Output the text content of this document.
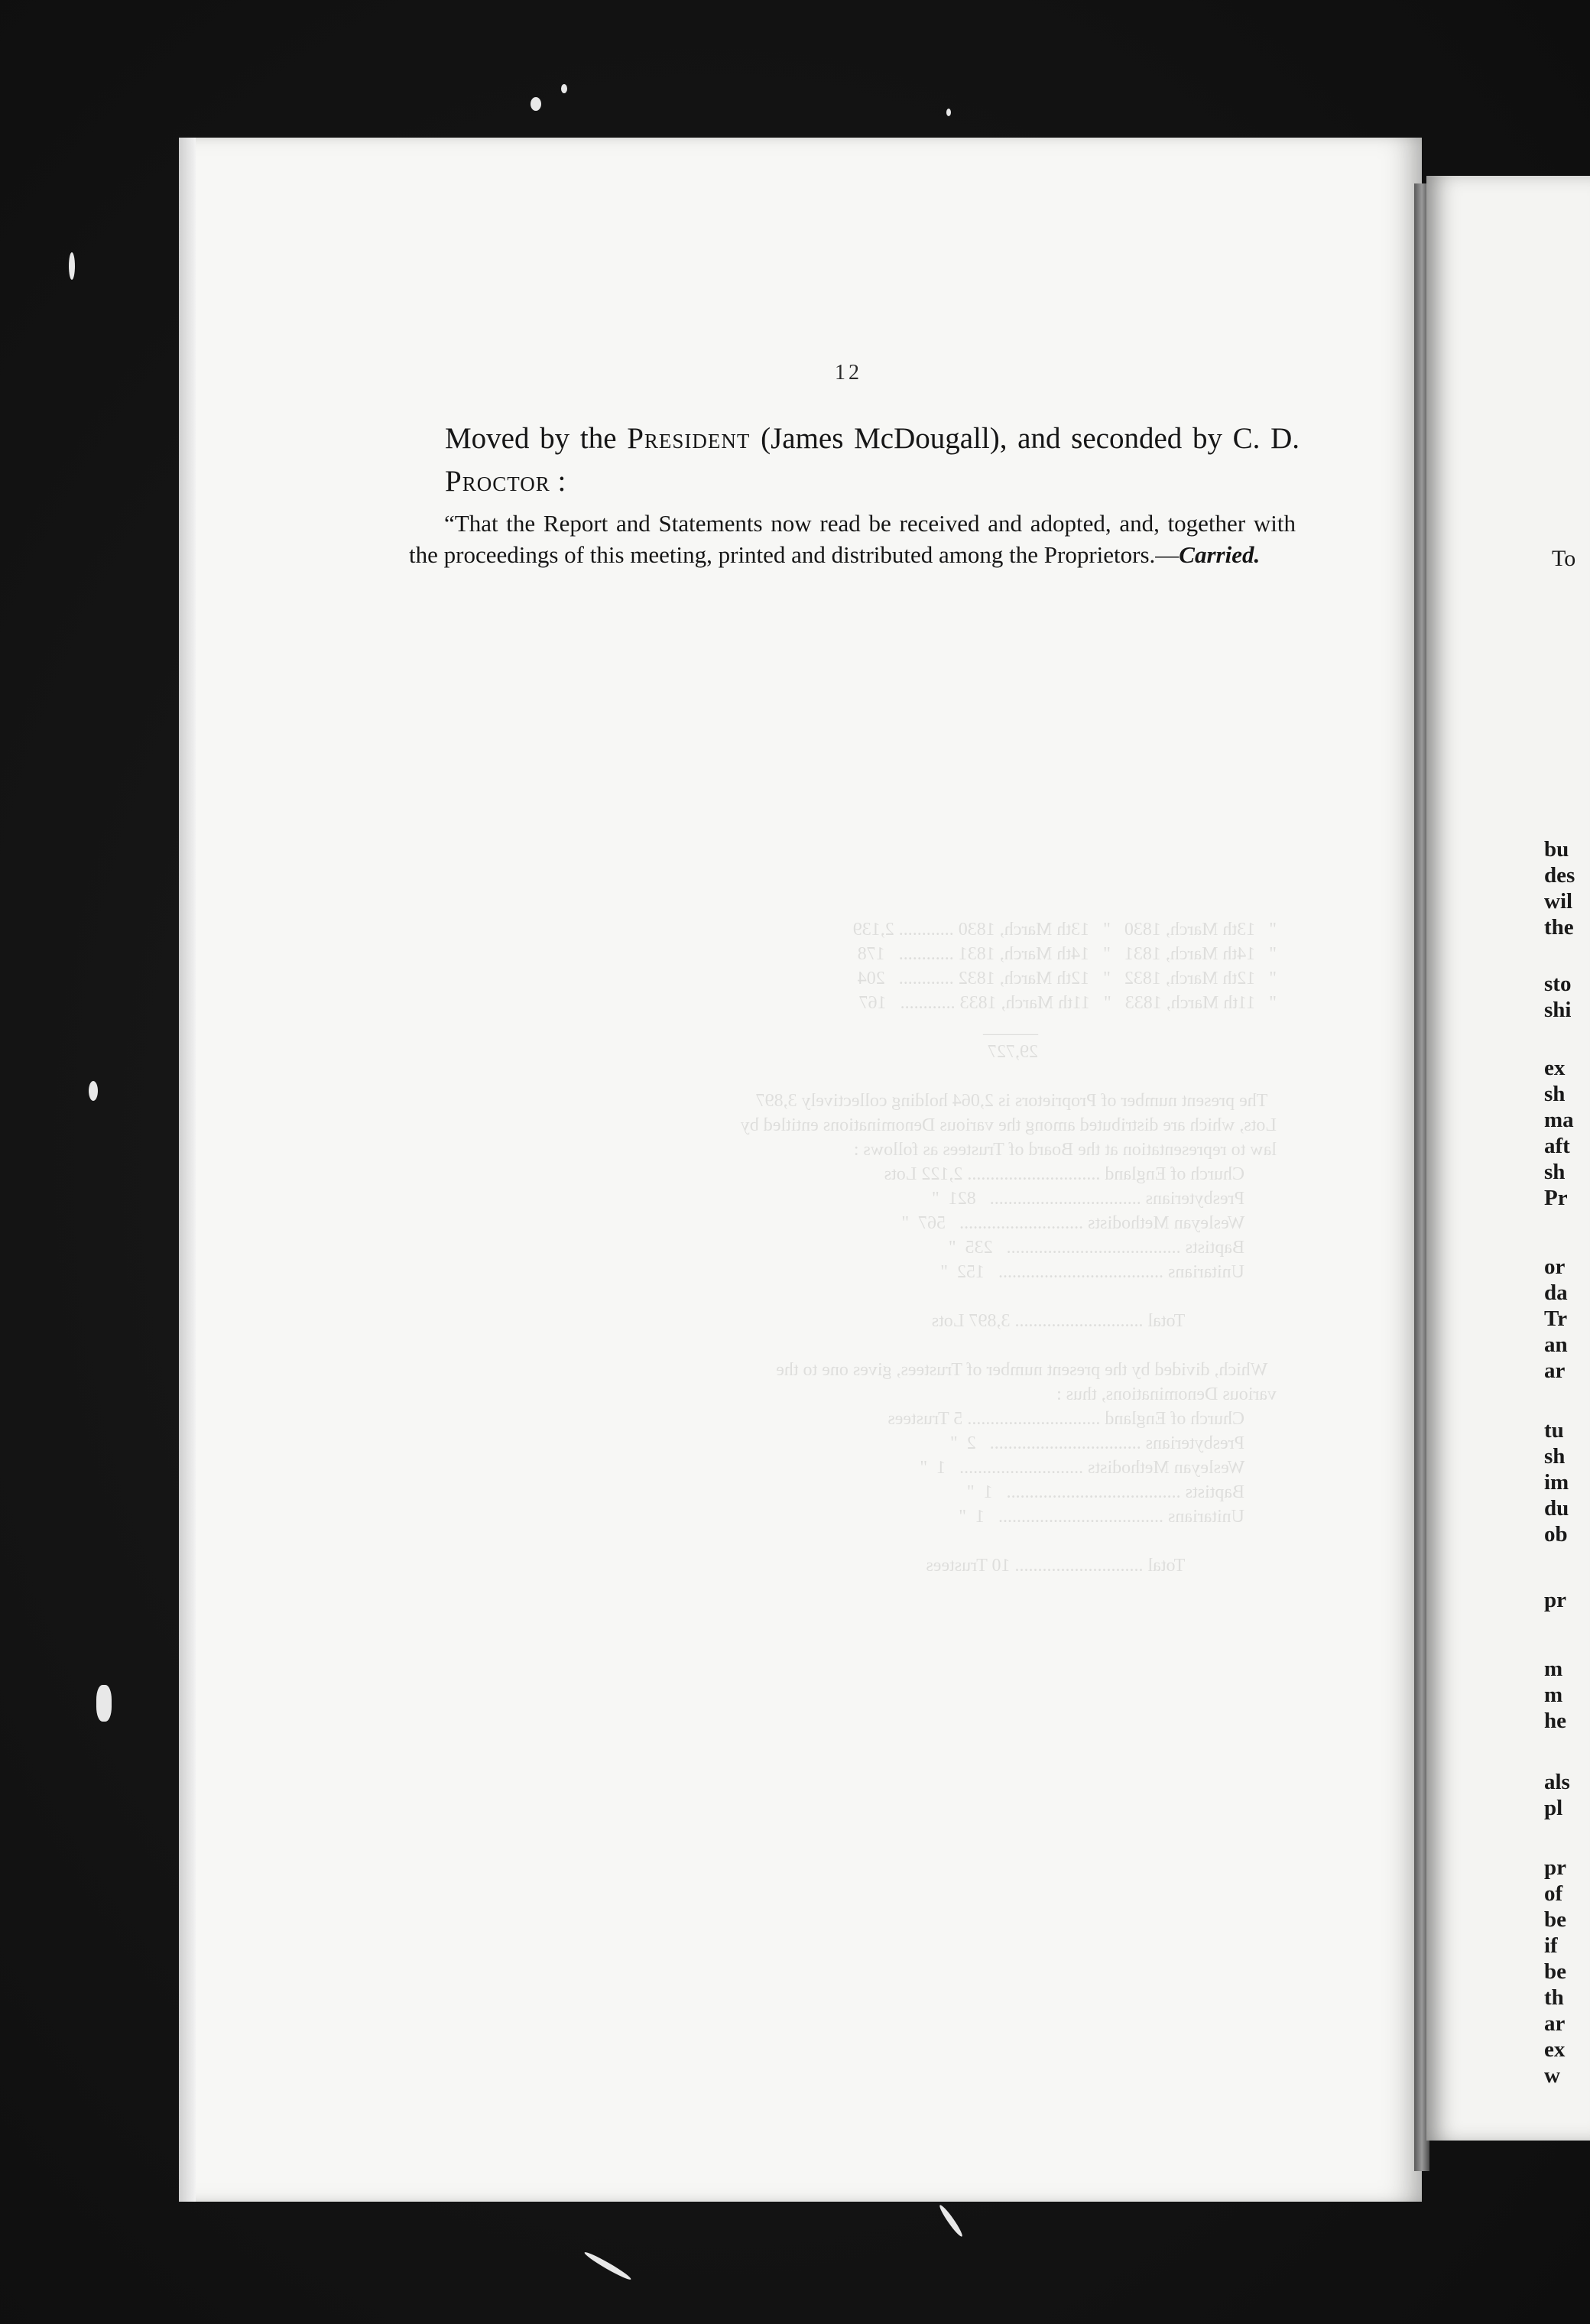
"   13th March, 1830   "   13th March, 1830 ............ 2,139
"   14th March, 1831   "   14th March, 1831 ............   178
"   12th March, 1832   "   12th March, 1832 ............   204
"   11th March, 1833   "   11th March, 1833 ............   167
______
29,727

The present number of Proprietors is 2,064 holding collectively 3,897
Lots, which are distributed among the various Denominations entitled by
law to representation at the Board of Trustees as follows :
Church of England ............................. 2,122 Lots
Presbyterians .................................   821  "
Wesleyan Methodists ...........................   567  "
Baptists ......................................   235  "
Unitarians ....................................   152  "

Total ............................ 3,897 Lots

Which, divided by the present number of Trustees, gives one to the
various Denominations, thus :
Church of England ............................. 5 Trustees
Presbyterians .................................   2  "
Wesleyan Methodists ...........................   1  "
Baptists ......................................   1  "
Unitarians ....................................   1  "

Total ............................ 10 Trustees
12
Moved by the President (James McDougall), and seconded by C. D. Proctor :

“That the Report and Statements now read be received and adopted, and, together with the proceedings of this meeting, printed and distributed among the Proprietors.—Carried.	To
bu
des
wil
the
sto
shi
ex
sh
ma
aft
sh
Pr
or
da
Tr
an
ar
tu
sh
im
du
ob
pr
m
m
he
als
pl
pr
of
be
if
be
th
ar
ex
w
